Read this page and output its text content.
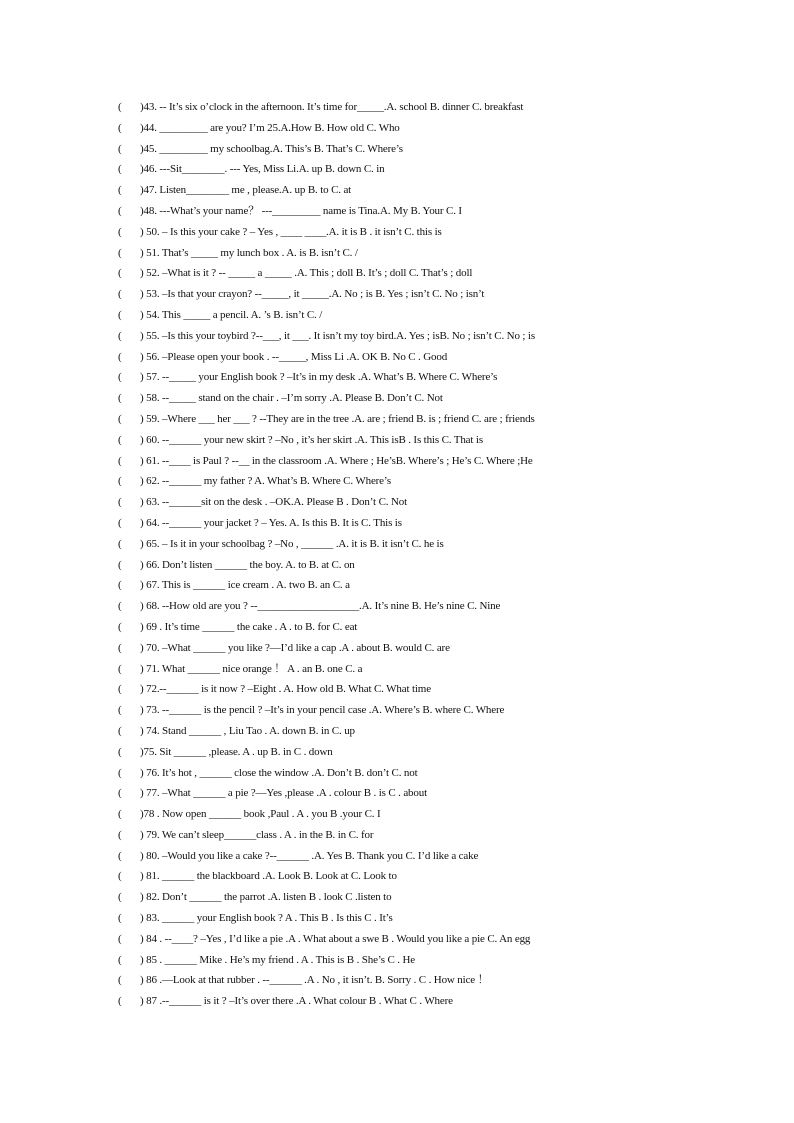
( )43. -- It’s six o’clock in the afternoon. It’s time for_____.A. school B. dinner C. breakfast
( )44. _________ are you? I’m 25.A.How B. How old C. Who
( )45. _________ my schoolbag.A. This’s B. That’s C. Where’s
( )46. ---Sit________. --- Yes, Miss Li.A. up B. down C. in
( )47. Listen________ me , please.A. up B. to C. at
( )48. ---What’s your name？ ---_________ name is Tina.A. My B. Your C. I
( ) 50. – Is this your cake ? – Yes , ____ ____.A. it is B . it isn’t C. this is
( ) 51. That’s _____ my lunch box . A. is B. isn’t C. /
( ) 52. –What is it ? -- _____ a _____ .A. This ; doll B. It’s ; doll C. That’s ; doll
( ) 53. –Is that your crayon? --_____, it _____.A. No ; is B. Yes ; isn’t C. No ; isn’t
( ) 54. This _____ a pencil. A. ’s B. isn’t C. /
( ) 55. –Is this your toybird ?--___, it ___. It isn’t my toy bird.A. Yes ; isB. No ; isn’t C. No ; is
( ) 56. –Please open your book . --_____, Miss Li .A. OK B. No C . Good
( ) 57. --_____ your English book ? –It’s in my desk .A. What’s B. Where C. Where’s
( ) 58. --_____ stand on the chair . –I’m sorry .A. Please B. Don’t C. Not
( ) 59. –Where ___ her ___ ? --They are in the tree .A. are ; friend B. is ; friend C. are ; friends
( ) 60. --______ your new skirt ? –No , it’s her skirt .A. This isB . Is this C. That is
( ) 61. --____ is Paul ? --__ in the classroom .A. Where ; He’sB. Where’s ; He’s C. Where ;He
( ) 62. --______ my father ? A. What’s B. Where C. Where’s
( ) 63. --______sit on the desk . –OK.A. Please B . Don’t C. Not
( ) 64. --______ your jacket ? – Yes. A. Is this B. It is C. This is
( ) 65. – Is it in your schoolbag ? –No , ______ .A. it is B. it isn’t C. he is
( ) 66. Don’t listen ______ the boy. A. to B. at C. on
( ) 67. This is ______ ice cream . A. two B. an C. a
( ) 68. --How old are you ? --___________________.A. It’s nine B. He’s nine C. Nine
( ) 69 . It’s time ______ the cake . A . to B. for C. eat
( ) 70. –What ______ you like ?—I’d like a cap .A . about B. would C. are
( ) 71. What ______ nice orange ！ A . an B. one C. a
( ) 72.--______ is it now ? –Eight . A. How old B. What C. What time
( ) 73. --______ is the pencil ? –It’s in your pencil case .A. Where’s B. where C. Where
( ) 74. Stand ______ , Liu Tao . A. down B. in C. up
( )75. Sit ______ ,please. A . up B. in C . down
( ) 76. It’s hot , ______ close the window .A. Don’t B. don’t C. not
( ) 77. –What ______ a pie ?—Yes ,please .A . colour B . is C . about
( )78 . Now open ______ book ,Paul . A . you B .your C. I
( ) 79. We can’t sleep______class . A . in the B. in C. for
( ) 80. –Would you like a cake ?--______ .A. Yes B. Thank you C. I’d like a cake
( ) 81. ______ the blackboard .A. Look B. Look at C. Look to
( ) 82. Don’t ______ the parrot .A. listen B . look C .listen to
( ) 83. ______ your English book ? A . This B . Is this C . It’s
( ) 84 . --____? –Yes , I’d like a pie .A . What about a swe B . Would you like a pie C. An egg
( ) 85 . ______ Mike . He’s my friend . A . This is B . She’s C . He
( ) 86 .—Look at that rubber . --______ .A . No , it isn’t. B. Sorry . C . How nice ！
( ) 87 .--______ is it ? –It’s over there .A . What colour B . What C . Where
